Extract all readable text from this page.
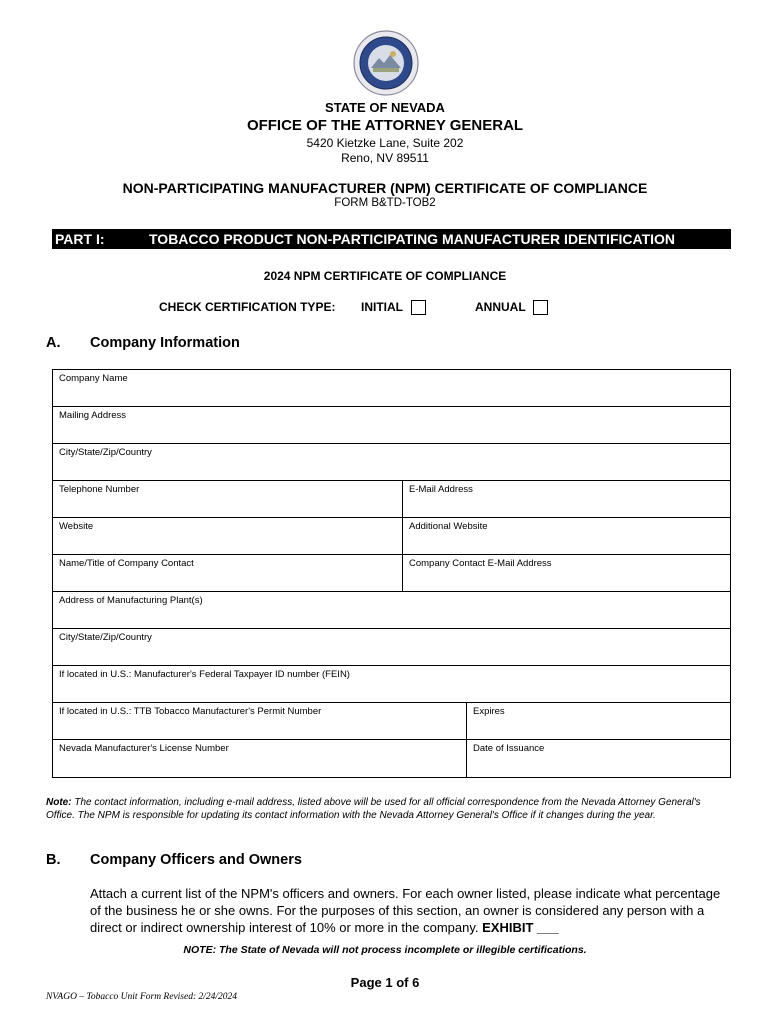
STATE OF NEVADA
OFFICE OF THE ATTORNEY GENERAL
5420 Kietzke Lane, Suite 202
Reno, NV 89511
NON-PARTICIPATING MANUFACTURER (NPM) CERTIFICATE OF COMPLIANCE
FORM B&TD-TOB2
PART I:	TOBACCO PRODUCT NON-PARTICIPATING MANUFACTURER IDENTIFICATION
2024 NPM CERTIFICATE OF COMPLIANCE
CHECK CERTIFICATION TYPE: INITIAL	ANNUAL
A. Company Information
Company Name
Mailing Address
City/State/Zip/Country
Telephone Number	E-Mail Address
Website	Additional Website
Name/Title of Company Contact	Company Contact E-Mail Address
Address of Manufacturing Plant(s)
City/State/Zip/Country
If located in U.S.: Manufacturer's Federal Taxpayer ID number (FEIN)
If located in U.S.: TTB Tobacco Manufacturer's Permit Number	Expires
Nevada Manufacturer's License Number	Date of Issuance
Note: The contact information, including e-mail address, listed above will be used for all official correspondence from the Nevada Attorney General's Office. The NPM is responsible for updating its contact information with the Nevada Attorney General's Office if it changes during the year.
B. Company Officers and Owners
Attach a current list of the NPM's officers and owners. For each owner listed, please indicate what percentage of the business he or she owns. For the purposes of this section, an owner is considered any person with a direct or indirect ownership interest of 10% or more in the company. EXHIBIT ___
NOTE: The State of Nevada will not process incomplete or illegible certifications.
Page 1 of 6
NVAGO – Tobacco Unit Form Revised: 2/24/2024
